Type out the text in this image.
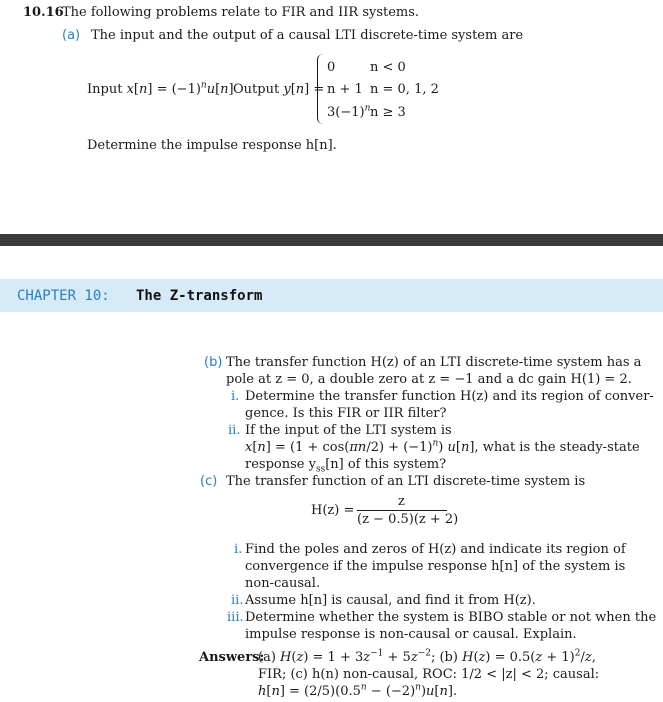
10.16
The following problems relate to FIR and IIR systems.
(a) The input and the output of a causal LTI discrete-time system are
Input $x[n] = (-1)^nu[n]$ Output y[n] =
0	n < 0
n + 1 n = 0, 1, 2
$3(-1)^n$ n ≥ 3
Determine the impulse response h[n].
CHAPTER 10: The Z-transform
(b) The transfer function H(z) of an LTI discrete-time system has a
pole at z = 0, a double zero at z = −1 and a dc gain H(1) = 2.
i. Determine the transfer function H(z) and its region of conver-
gence. Is this FIR or IIR filter?
ii. If the input of the LTI system is
$x[n] = (1 + \cos(\pi n/2) + (-1)^n)$ u[n], what is the steady-state
response $y_{ss}[n]$ of this system?
(c) The transfer function of an LTI discrete-time system is
H(z) =
z
(z − 0.5)(z + 2)
i. Find the poles and zeros of H(z) and indicate its region of
convergence if the impulse response h[n] of the system is
non-causal.
ii. Assume h[n] is causal, and find it from H(z).
iii. Determine whether the system is BIBO stable or not when the
impulse response is non-causal or causal. Explain.
Answers:
(a) $H(z) = 1 + 3z^{-1} + 5z^{-2}$; (b) $H(z) = 0.5(z + 1)^2/z$,
FIR; (c) h(n) non-causal, ROC: 1/2 < |z| < 2; causal:
$h[n] = (2/5)(0.5^n - (-2)^n)u[n]$.
